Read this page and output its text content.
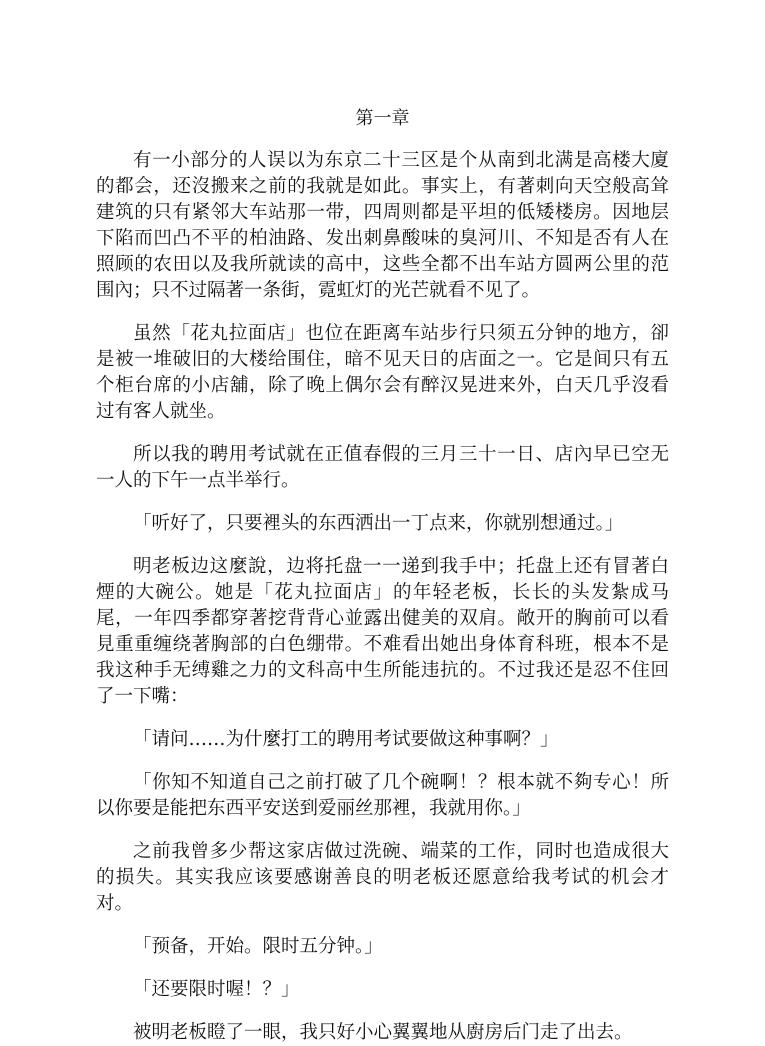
第一章

有一小部分的人误以为东京二十三区是个从南到北满是高楼大廈的都会，还沒搬来之前的我就是如此。事实上，有著刺向天空般高耸建筑的只有紧邻大车站那一带，四周则都是平坦的低矮楼房。因地层下陷而凹凸不平的柏油路、发出刺鼻酸味的臭河川、不知是否有人在照顾的农田以及我所就读的高中，这些全都不出车站方圆两公里的范围內；只不过隔著一条街，霓虹灯的光芒就看不见了。

虽然「花丸拉面店」也位在距离车站步行只须五分钟的地方，卻是被一堆破旧的大楼给围住，暗不见天日的店面之一。它是间只有五个柜台席的小店舖，除了晚上偶尔会有醉汉晃进来外，白天几乎沒看过有客人就坐。

所以我的聘用考试就在正值春假的三月三十一日、店內早已空无一人的下午一点半举行。

「听好了，只要裡头的东西洒出一丁点来，你就别想通过。」

明老板边这麼說，边将托盘一一递到我手中；托盘上还有冒著白煙的大碗公。她是「花丸拉面店」的年轻老板，长长的头发紮成马尾，一年四季都穿著挖背背心並露出健美的双肩。敞开的胸前可以看見重重缠绕著胸部的白色绷带。不难看出她出身体育科班，根本不是我这种手无缚雞之力的文科高中生所能违抗的。不过我还是忍不住回了一下嘴：

「请问……为什麼打工的聘用考试要做这种事啊？」

「你知不知道自己之前打破了几个碗啊！？根本就不夠专心！所以你要是能把东西平安送到爱丽丝那裡，我就用你。」

之前我曾多少帮这家店做过洗碗、端菜的工作，同时也造成很大的损失。其实我应该要感谢善良的明老板还愿意给我考试的机会才对。

「预备，开始。限时五分钟。」

「还要限时喔！？」

被明老板瞪了一眼，我只好小心翼翼地从廚房后门走了出去。
